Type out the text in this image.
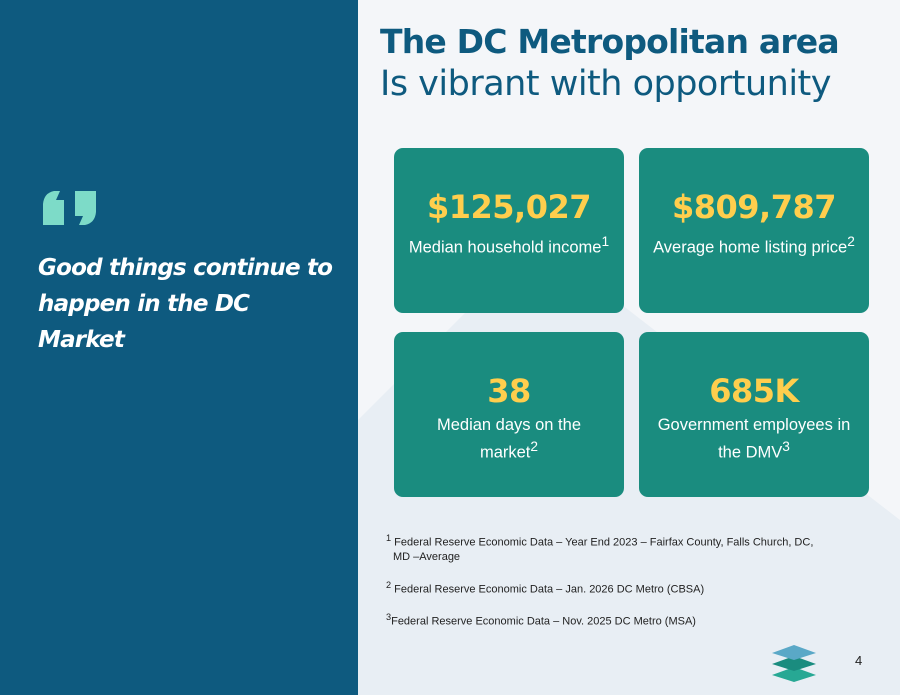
Good things continue to happen in the DC Market
The DC Metropolitan area
Is vibrant with opportunity
$125,027
Median household income$^1$
$809,787
Average home listing price$^2$
38
Median days on the market$^2$
685K
Government employees in the DMV$^3$

$^1$ Federal Reserve Economic Data – Year End 2023 – Fairfax County, Falls Church, DC, MD –Average

$^2$ Federal Reserve Economic Data – Jan. 2026 DC Metro (CBSA)

$^3$Federal Reserve Economic Data – Nov. 2025 DC Metro (MSA)

4
